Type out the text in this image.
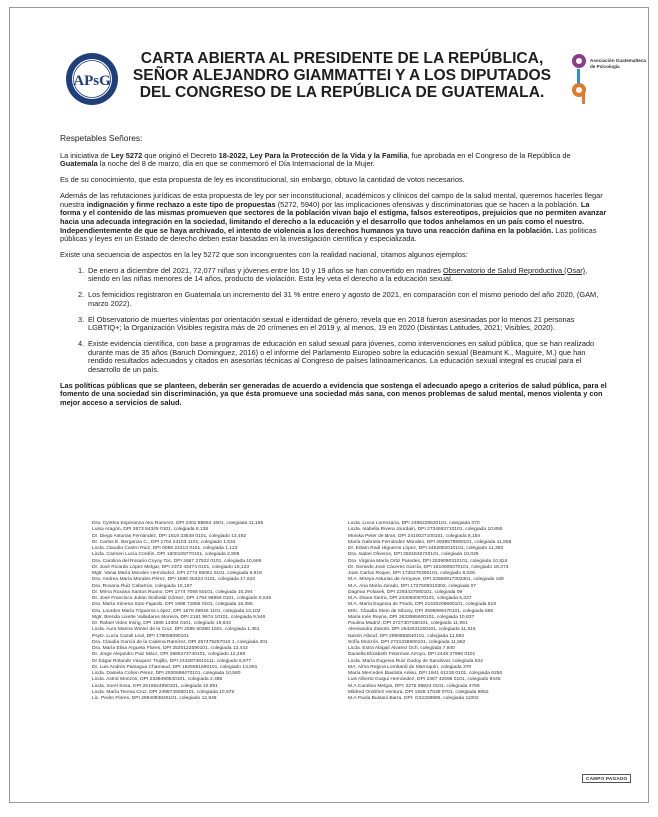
APsG
Asociación Guatemalteca de Psicología
CARTA ABIERTA AL PRESIDENTE DE LA REPÚBLICA, SEÑOR ALEJANDRO GIAMMATTEI Y A LOS DIPUTADOS DEL CONGRESO DE LA REPÚBLICA DE GUATEMALA.

Respetables Señores:

La iniciativa de Ley 5272 que originó el Decreto 18-2022, Ley Para la Protección de la Vida y la Familia, fue aprobada en el Congreso de la República de Guatemala la noche del 8 de marzo, día en que se conmemoró el Día Internacional de la Mujer.

Es de su conocimiento, que esta propuesta de ley es inconstitucional, sin embargo, obtuvo la cantidad de votos necesarios.

Además de las refutaciones jurídicas de esta propuesta de ley por ser inconstitucional, académicos y clínicos del campo de la salud mental, queremos hacerles llegar nuestra indignación y firme rechazo a este tipo de propuestas (5272, 5940) por las implicaciones ofensivas y discriminatorias que se hacen a la población. La forma y el contenido de las mismas promueven que sectores de la población vivan bajo el estigma, falsos estereotipos, prejuicios que no permiten avanzar hacia una adecuada integración en la sociedad, limitando el derecho a la educación y el desarrollo que todos anhelamos en un país como el nuestro. Independientemente de que se haya archivado, el intento de violencia a los derechos humanos ya tuvo una reacción dañina en la población. Las políticas públicas y leyes en un Estado de derecho deben estar basadas en la investigación científica y especializada.

Existe una secuencia de aspectos en la ley 5272 que son incongruentes con la realidad nacional, citamos algunos ejemplos:

1. De enero a diciembre del 2021, 72,077 niñas y jóvenes entre los 10 y 19 años se han convertido en madres Observatorio de Salud Reproductiva (Osar), siendo en las niñas menores de 14 años, producto de violación. Esta ley veta el derecho a la educación sexual.
2. Los femicidios registraron en Guatemala un incremento del 31 % entre enero y agosto de 2021, en comparación con el mismo periodo del año 2020, (GAM, marzo 2022).
3. El Observatorio de muertes violentas por orientación sexual e identidad de género, revela que en 2018 fueron asesinadas por lo menos 21 personas LGBTIQ+; la Organización Visibles registra más de 20 crímenes en el 2019 y, al menos, 19 en 2020 (Distintas Latitudes, 2021; Visibles, 2020).
4. Existe evidencia científica, con base a programas de educación en salud sexual para jóvenes, como intervenciones en salud pública, que se han realizado durante mas de 35 años (Baruch Dominguez, 2016) o el informe del Parlamento Europeo sobre la educación sexual (Beamunt K., Maguire, M.) que han rendido resultados adecuados y citados en asesorías técnicas al Congreso de países latinoamericanos. La educación sexual integral es crucial para el desarrollo de un país.

Las políticas públicas que se planteen, deberán ser generadas de acuerdo a evidencia que sostenga el adecuado apego a criterios de salud pública, para el fomento de una sociedad sin discriminación, ya que ésta promueve una sociedad más sana, con menos problemas de salud mental, menos violenta y con mejor acceso a servicios de salud.

Dra. Cynthia Esperanza Akú Ramírez, DPI 2301 98864 1601, colegiada 11,165
Luisa Aragón, DPI 2673 94349 0101, colegiada 8,138
Dr. Diego Asturias Fernández, DPI 1619 33548 0101, colegiado 13,492
Dr. Carlos E. Berganza C., DPI 1704 24103 1101, colegiado 1,534
Licda. Claudia Castro Ruiz, DPI 0059 22413 0101, colegiada 1,123
Licda. Carmen Lucía Cordón, DPI 1600109770101, colegiada 2,808
Dra. Carolina del Rosario Coyoy Toc, DPI 2667 27522 0101, colegiada 10,669
Dr. José Ricardo López Melgar, DPI 2372 43474 0101, colegiado 16,123
Mgtr. Vania María Morales Hernández, DPI 2774 85061 0101, colegiada 6,818
Dra. Andrea María Morales Pérez, DPI 1580 25423 0101, colegiada 17,610
Dra. Roxana Ruiz Cabarrús, colegiada 10,197
Dr. Mirna Roxana Santos Ruano, DPI 1774 7058 50101, colegiada 10,294
Dr. José Francisco Julián Sinibaldi Gómez, DPI 1794 96956 0101, colegiado 6,646
Dra. María Ximena Soto Fajardo, DPI 1988 71856 0101, colegiada 16,385
Dra. Lourdes María Trigueros López, DPI 1678 48046 1101, colegiada 12,102
Mgtr. Brenda Lisette Valladares Moreira, DPI 2181 9674 10101, colegiada 9,546
Dr. Rafael Vides Irving, DPI 1595 14304 0101, colegiado 16,643
Licda. Aura Marina Winter de la Cruz, DPI 2585 60290 1601, colegiada 1,451
PsyD. Lucía Cazali Leal, DPI 178058090101
Dra. Claudia García de la Cadena Ramírez, DPI 257475257010 1, colegiada 301
Dra. María Elisa Argueta Flores, DPI 2520122590101, colegiada 13,442
Dr. Jorge Alejandro Paiz Mácz, DPI 2686374740101, colegiado 12,459
Dr Edgar Rolando Vásquez Trujillo, DPI 2442874810111, colegiado 6,977
Dr. Luis Andrés Paniagua Chamaud, DPI 1625681690101, colegiado 13,991
Licda. Daniela Cohen Pérez, DPI 2920698470101, colegiada 10,580
Licda. Astrid Monzón, DPI 2339490540101, colegiada 2,486
Licda. Sorel Sosa, DPI 2519524950101, colegiada 10,851
Licda. María Teresa Cruz, DPI 2496745050101, colegiada 10,579
Lic. Pedro Flores, DPI 2994093840101, colegiado 12,949
Licda. Lucía Lorenzana, DPI 2486228620101, colegiada 070
Licda. Isabella Rivera Jourdain, DPI 2734693710101, colegiada 10,855
Monika Peter de Bran, DPI 2410027100101, colegiada 8,154
María Gabriela Fernández Moraleo, DPI 2939579590101, colegiada 11,858
Dr. Edwin Raúl Higueros López, DPI 2452002010101, colegiado 11,393
Dra. Isabel Oliveros, DPI 2501846720101, colegiada 10,029
Dra. Virginia María Ortiz Paredes, DPI 2539090310101, colegiada 10,824
Dr. Gerardo José Cáceres García, DPI 1610605070101, colegiado 18,373
Juan Carlos Roque, DPI 1730275390101, colegiado 6,029.
M.A. Mireya Asturias de Arroyave, DPI 22666917303301, colegiada 169
M.A. Ana María Jurado, DPI 1737509310302, colegiada 07
Dagmar Polasek, DPI 2293437590101, colegiada 09
M.A. Diana Sierra, DPI 2430630670101, colegiada 5,337
M.A. María Eugenia de Prado, DPI 22420206690101, colegiada 519
MSc. Claudia Stein de Sibony, DPI 2596089470101, colegiada 566
María Inés Reyna, DPI 2633595600101, colegiada 10,837
Paulina Madriz, DPI 2727307180101, colegiada 11,991
Alessandra Zanotti, DPI 2542631150101, colegiada 11,916
Nasrin Alloud, DPI 2990855540101, colegiada 11,853
Sofía Monzón, DPI 2731336590101, colegiada 11,562
Licda. Estra Abigail Álvarez Och, colegiada 7,940
Daniella Elizabeth Feterman Arroyo, DPI 2448 37996 0101
Licda. María Eugenia Ruiz Godoy de Sandoval, colegiada 534
MA. Alma Regina Lombardi de Marroquín, colegiada 370
María Mercedes Bautista Anleu, DPI 1941 61218 0101, colegiada 6250
Luis Alberto Guigui Hernández, DPI 2387 42695 0101, colegiado 9445
M.A Carolina Melgar, DPI: 2275 86824 0101, colegiada 4759
Mildred Ordóñez Ventura, DPI 1828 17539 0701, colegiada 6652
M.A Paola Bustani Barra. DPI: G32328985, colegiada 11002
CAMPO PAGADO
